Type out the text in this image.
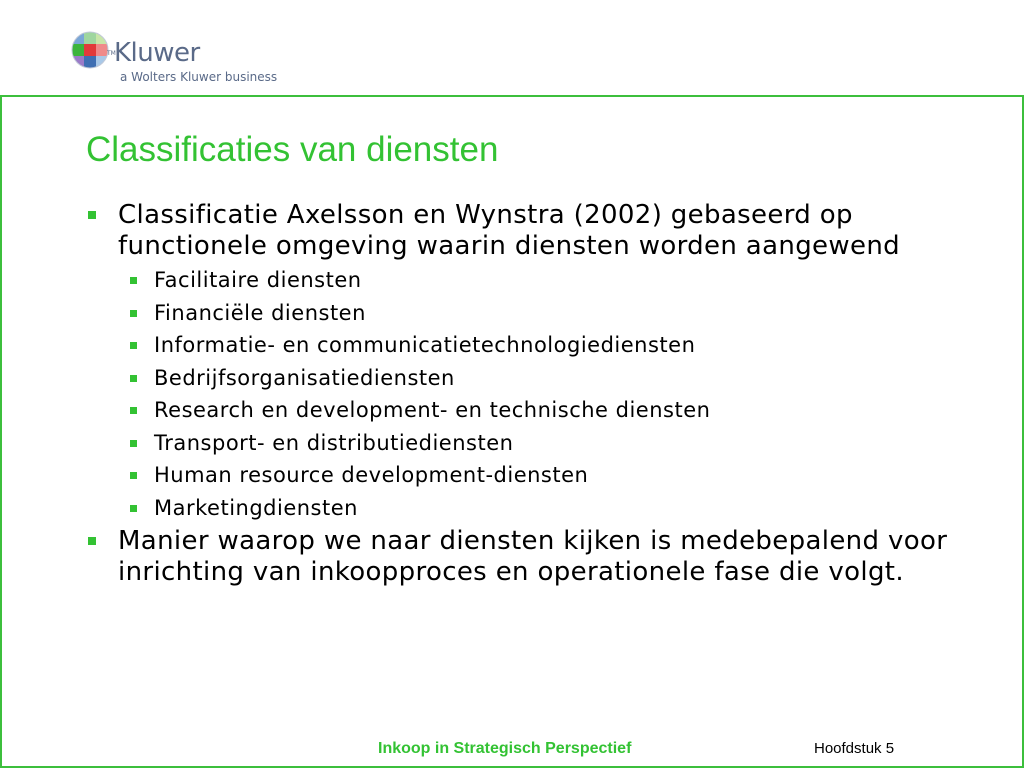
TM
Kluwer
a Wolters Kluwer business
Classificaties van diensten
Classificatie Axelsson en Wynstra (2002) gebaseerd op functionele omgeving waarin diensten worden aangewend
Facilitaire diensten
Financiële diensten
Informatie- en communicatietechnologiediensten
Bedrijfsorganisatiediensten
Research en development- en technische diensten
Transport- en distributiediensten
Human resource development-diensten
Marketingdiensten
Manier waarop we naar diensten kijken is medebepalend voor inrichting van inkoopproces en operationele fase die volgt.
Inkoop in Strategisch Perspectief	Hoofdstuk 5
